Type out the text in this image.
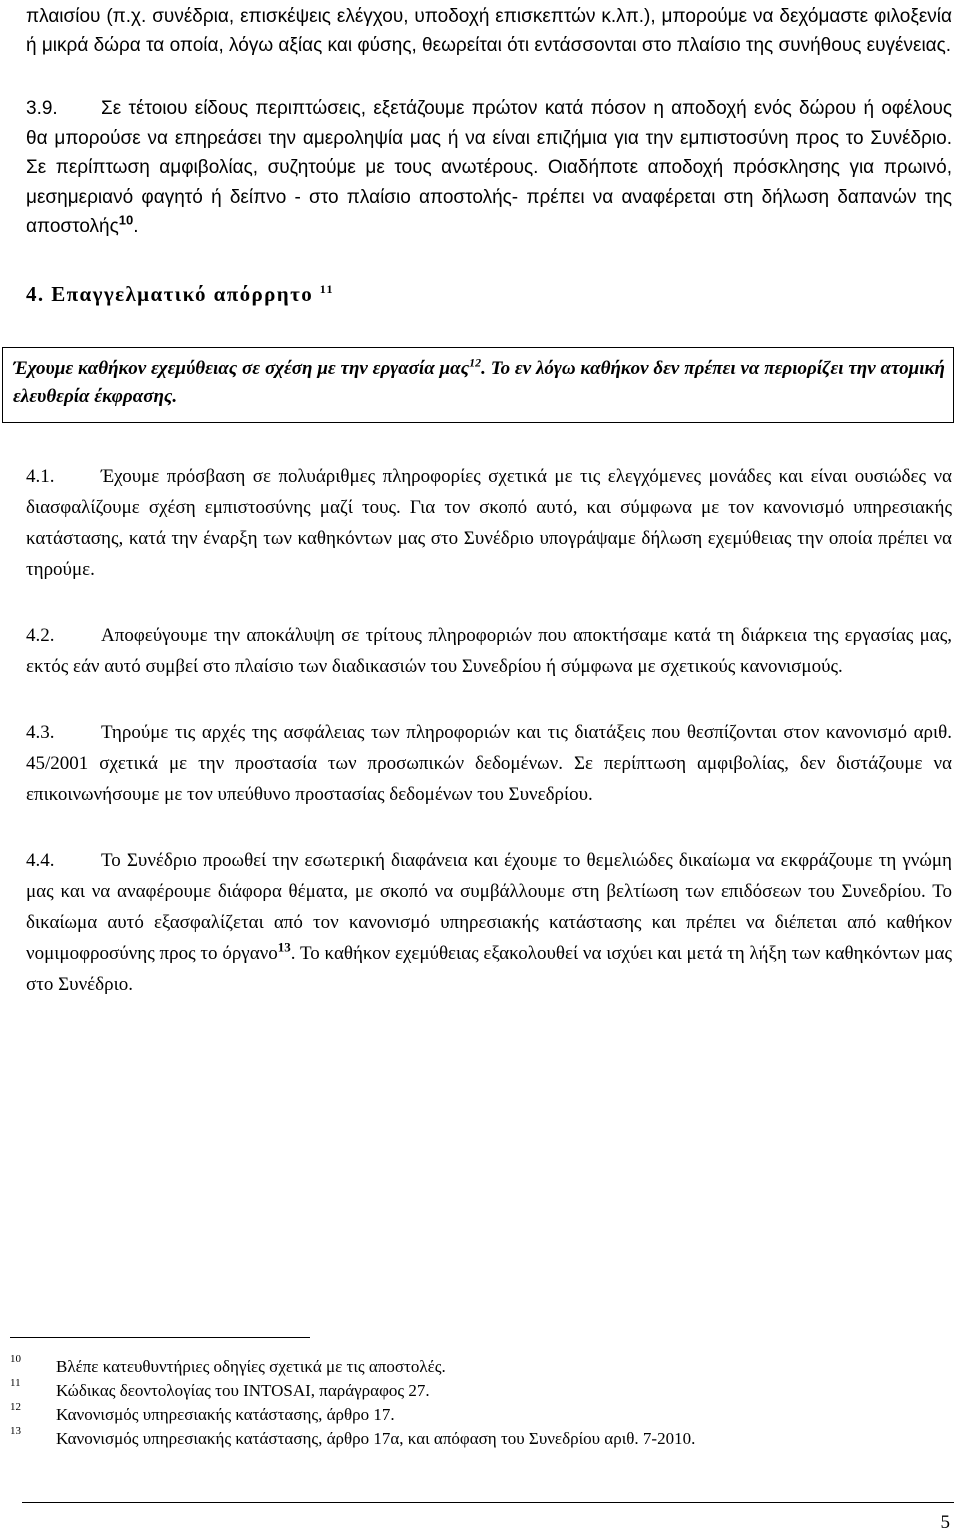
πλαισίου (π.χ. συνέδρια, επισκέψεις ελέγχου, υποδοχή επισκεπτών κ.λπ.), μπορούμε να δεχόμαστε φιλοξενία ή μικρά δώρα τα οποία, λόγω αξίας και φύσης, θεωρείται ότι εντάσσονται στο πλαίσιο της συνήθους ευγένειας.

3.9. Σε τέτοιου είδους περιπτώσεις, εξετάζουμε πρώτον κατά πόσον η αποδοχή ενός δώρου ή οφέλους θα μπορούσε να επηρεάσει την αμεροληψία μας ή να είναι επιζήμια για την εμπιστοσύνη προς το Συνέδριο. Σε περίπτωση αμφιβολίας, συζητούμε με τους ανωτέρους. Οιαδήποτε αποδοχή πρόσκλησης για πρωινό, μεσημεριανό φαγητό ή δείπνο - στο πλαίσιο αποστολής- πρέπει να αναφέρεται στη δήλωση δαπανών της αποστολής$^{10}$.

4. Επαγγελματικό απόρρητο $^{11}$

Έχουμε καθήκον εχεμύθειας σε σχέση με την εργασία μας$^{12}$. Το εν λόγω καθήκον δεν πρέπει να περιορίζει την ατομική ελευθερία έκφρασης.

4.1. Έχουμε πρόσβαση σε πολυάριθμες πληροφορίες σχετικά με τις ελεγχόμενες μονάδες και είναι ουσιώδες να διασφαλίζουμε σχέση εμπιστοσύνης μαζί τους. Για τον σκοπό αυτό, και σύμφωνα με τον κανονισμό υπηρεσιακής κατάστασης, κατά την έναρξη των καθηκόντων μας στο Συνέδριο υπογράψαμε δήλωση εχεμύθειας την οποία πρέπει να τηρούμε.

4.2. Αποφεύγουμε την αποκάλυψη σε τρίτους πληροφοριών που αποκτήσαμε κατά τη διάρκεια της εργασίας μας, εκτός εάν αυτό συμβεί στο πλαίσιο των διαδικασιών του Συνεδρίου ή σύμφωνα με σχετικούς κανονισμούς.

4.3. Τηρούμε τις αρχές της ασφάλειας των πληροφοριών και τις διατάξεις που θεσπίζονται στον κανονισμό αριθ. 45/2001 σχετικά με την προστασία των προσωπικών δεδομένων. Σε περίπτωση αμφιβολίας, δεν διστάζουμε να επικοινωνήσουμε με τον υπεύθυνο προστασίας δεδομένων του Συνεδρίου.

4.4. Το Συνέδριο προωθεί την εσωτερική διαφάνεια και έχουμε το θεμελιώδες δικαίωμα να εκφράζουμε τη γνώμη μας και να αναφέρουμε διάφορα θέματα, με σκοπό να συμβάλλουμε στη βελτίωση των επιδόσεων του Συνεδρίου. Το δικαίωμα αυτό εξασφαλίζεται από τον κανονισμό υπηρεσιακής κατάστασης και πρέπει να διέπεται από καθήκον νομιμοφροσύνης προς το όργανο$^{13}$. Το καθήκον εχεμύθειας εξακολουθεί να ισχύει και μετά τη λήξη των καθηκόντων μας στο Συνέδριο.

10 Βλέπε κατευθυντήριες οδηγίες σχετικά με τις αποστολές.
11 Κώδικας δεοντολογίας του INTOSAI, παράγραφος 27.
12 Κανονισμός υπηρεσιακής κατάστασης, άρθρο 17.
13 Κανονισμός υπηρεσιακής κατάστασης, άρθρο 17α, και απόφαση του Συνεδρίου αριθ. 7-2010.
5
